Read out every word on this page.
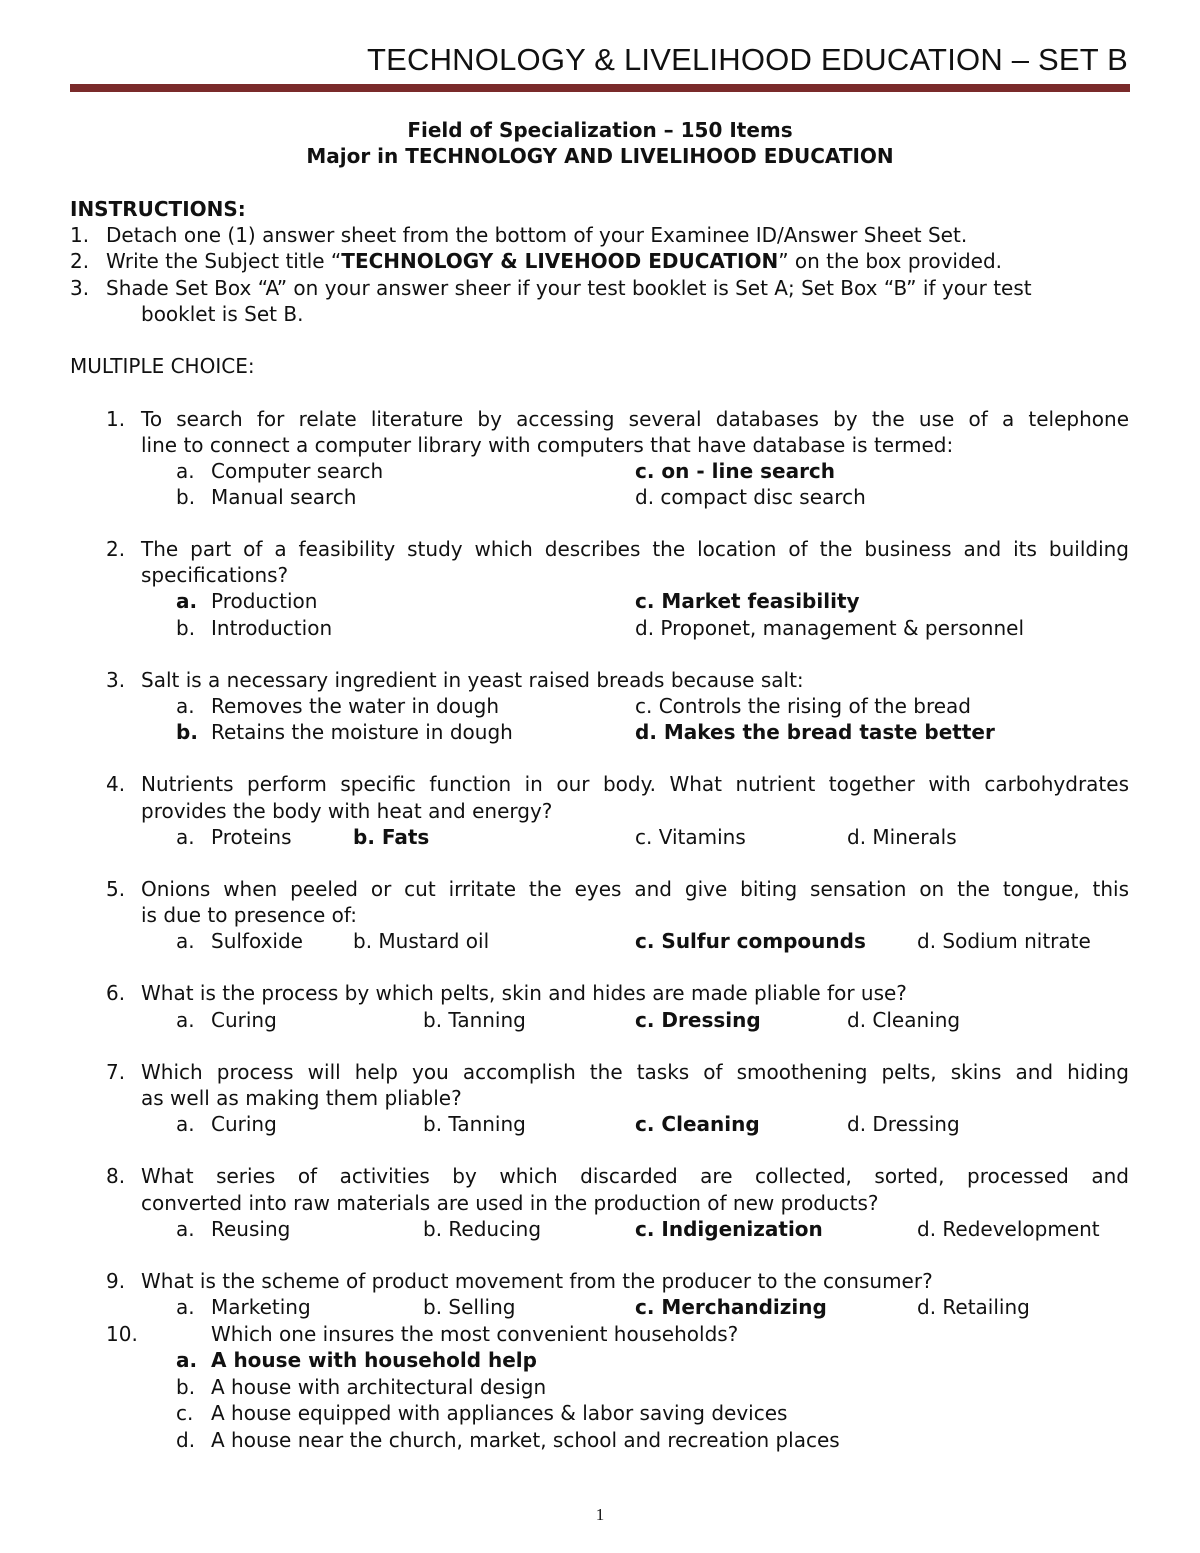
TECHNOLOGY & LIVELIHOOD EDUCATION – SET B
Field of Specialization – 150 Items
Major in TECHNOLOGY AND LIVELIHOOD EDUCATION
INSTRUCTIONS:
1. Detach one (1) answer sheet from the bottom of your Examinee ID/Answer Sheet Set.
2. Write the Subject title “TECHNOLOGY & LIVEHOOD EDUCATION” on the box provided.
3. Shade Set Box “A” on your answer sheer if your test booklet is Set A; Set Box “B” if your test
booklet is Set B.
MULTIPLE CHOICE:
1. To search for relate literature by accessing several databases by the use of a telephone
line to connect a computer library with computers that have database is termed:
a. Computer search
b. Manual search
c. on - line search
d. compact disc search
2. The part of a feasibility study which describes the location of the business and its building
specifications?
a. Production
b. Introduction
c. Market feasibility
d. Proponet, management & personnel
3. Salt is a necessary ingredient in yeast raised breads because salt:
a. Removes the water in dough
b. Retains the moisture in dough
c. Controls the rising of the bread
d. Makes the bread taste better
4. Nutrients perform specific function in our body. What nutrient together with carbohydrates
provides the body with heat and energy?
a. Proteins	b. Fats	c. Vitamins	d. Minerals
5. Onions when peeled or cut irritate the eyes and give biting sensation on the tongue, this
is due to presence of:
a. Sulfoxide	b. Mustard oil	c. Sulfur compounds	d. Sodium nitrate
6. What is the process by which pelts, skin and hides are made pliable for use?
a. Curing	b. Tanning	c. Dressing	d. Cleaning
7. Which process will help you accomplish the tasks of smoothening pelts, skins and hiding
as well as making them pliable?
a. Curing	b. Tanning	c. Cleaning	d. Dressing
8. What series of activities by which discarded are collected, sorted, processed and
converted into raw materials are used in the production of new products?
a. Reusing	b. Reducing	c. Indigenization	d. Redevelopment
9. What is the scheme of product movement from the producer to the consumer?
a. Marketing	b. Selling	c. Merchandizing	d. Retailing
10.	Which one insures the most convenient households?
a. A house with household help
b. A house with architectural design
c. A house equipped with appliances & labor saving devices
d. A house near the church, market, school and recreation places
1
